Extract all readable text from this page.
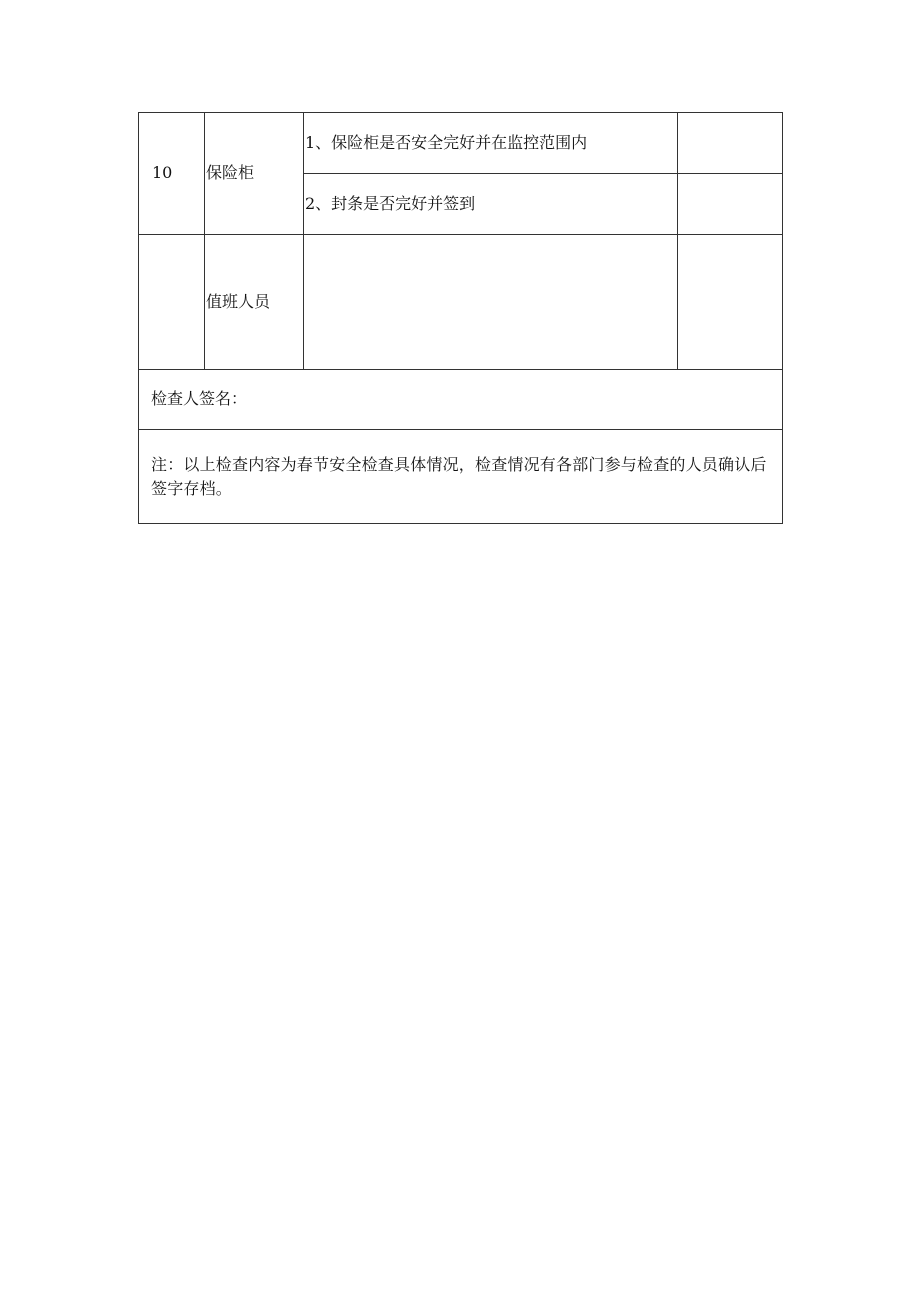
10	保险柜	1、保险柜是否安全完好并在监控范围内	
		2、封条是否完好并签到	
	值班人员		
检查人签名：			
注：以上检查内容为春节安全检查具体情况，检查情况有各部门参与检查的人员确认后签字存档。			
